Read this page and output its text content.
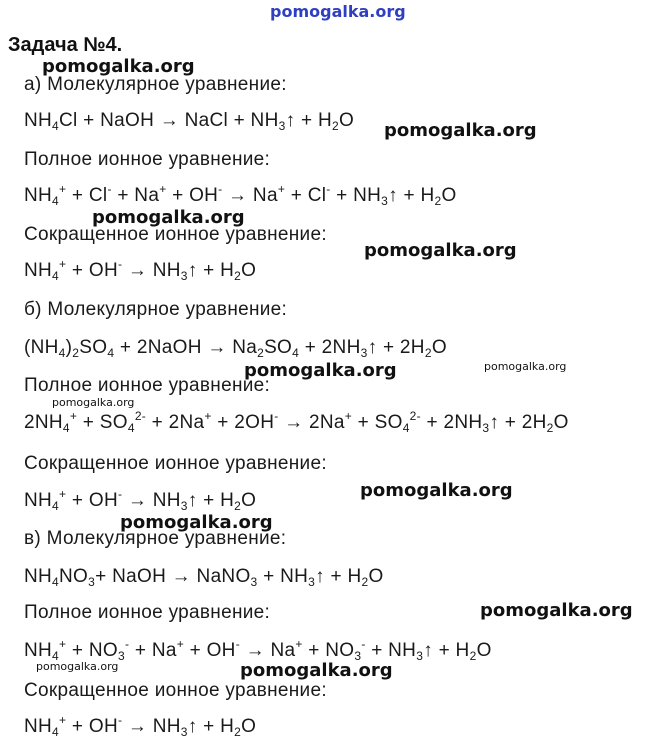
pomogalka.org
Задача №4.
а) Молекулярное уравнение:
$NH_4Cl$ + NaOH → NaCl + $NH_3↑ + H_2O$
Полное ионное уравнение:
$NH_4^+ + Cl^- + Na^+ + OH^- \to Na^+ + Cl^-$ + $NH_3↑ + H_2O$
Сокращенное ионное уравнение:
$NH_4^+ + OH^-$ → $NH_3↑ + H_2O$
б) Молекулярное уравнение:
$(NH_4)_2SO_4$ + 2NaOH → $Na_2SO_4$ + $2NH_3↑ + 2H_2O$
Полное ионное уравнение:
$2NH_4^+ + SO_4^{2-} + 2Na^+ + 2OH^- \to 2Na^+ + SO_4^{2-}$ + $2NH_3↑ + 2H_2O$
Сокращенное ионное уравнение:
$NH_4^+ + OH^-$ → $NH_3↑ + H_2O$
в) Молекулярное уравнение:
$NH_4NO_3+$ NaOH → NaNO$_3$ + $NH_3↑ + H_2O$
Полное ионное уравнение:
$NH_4^+ + NO_3^- + Na^+ + OH^- \to Na^+ + NO_3^-$ + $NH_3↑ + H_2O$
Сокращенное ионное уравнение:
$NH_4^+ + OH^-$ → $NH_3↑ + H_2O$
pomogalka.org
pomogalka.org
pomogalka.org
pomogalka.org
pomogalka.org	pomogalka.org
pomogalka.org
pomogalka.org
pomogalka.org
pomogalka.org
pomogalka.org	pomogalka.org
